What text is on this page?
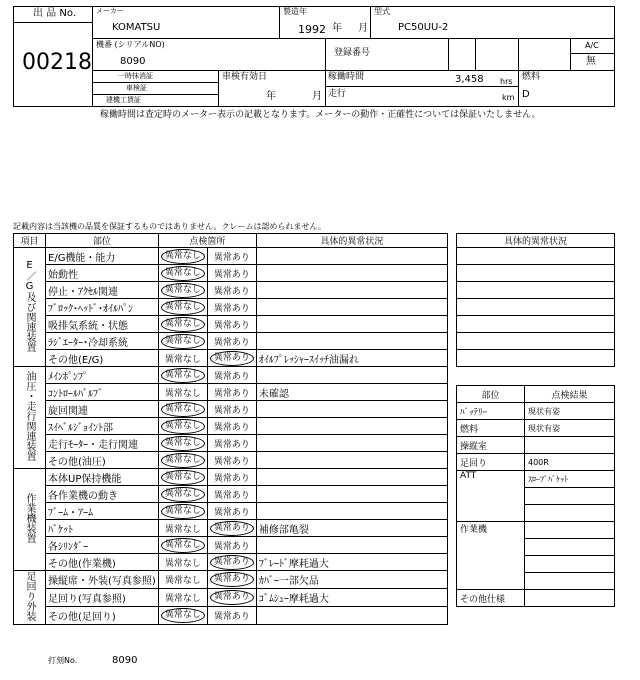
出 品 No.
00218
メーカー
KOMATSU
製造年
1992 年 月
型式
PC50UU-2
機番 (シリアルNO)
8090
登録番号
A/C
無
一時抹消証
車検証
建機工賃証
車検有効日
年	月
稼働時間	3,458 hrs
走行	km
燃料
D
稼働時間は査定時のメーター表示の記載となります。メーターの動作・正確性については保証いたしません。
記載内容は当該機の品質を保証するものではありません。クレームは認められません。
項目	部位	点検箇所		具体的異常状況
E／G及び関連装置	E/G機能・能力	異常なし	異常あり	
	始動性	異常なし	異常あり	
	停止・ｱｸｾﾙ関連	異常なし	異常あり	
	ﾌﾞﾛｯｸ･ﾍｯﾄﾞ･ｵｲﾙﾊﾟﾝ	異常なし	異常あり	
	吸排気系統・状態	異常なし	異常あり	
	ﾗｼﾞｴｰﾀｰ･冷却系統	異常なし	異常あり	
	その他(E/G)	異常なし	異常あり	ｵｲﾙﾌﾟﾚｯｼｬｰｽｲｯﾁ油漏れ
油圧・走行関連装置	ﾒｲﾝﾎﾟﾝﾌﾟ	異常なし	異常あり	
	ｺﾝﾄﾛｰﾙﾊﾞﾙﾌﾞ	異常なし	異常あり	未確認
	旋回関連	異常なし	異常あり	
	ｽｲﾍﾞﾙｼﾞｮｲﾝﾄ部	異常なし	異常あり	
	走行ﾓｰﾀｰ・走行関連	異常なし	異常あり	
	その他(油圧)	異常なし	異常あり	
作業機装置	本体UP保持機能	異常なし	異常あり	
	各作業機の動き	異常なし	異常あり	
	ﾌﾞｰﾑ・ｱｰﾑ	異常なし	異常あり	
	ﾊﾞｹｯﾄ	異常なし	異常あり	補修部亀裂
	各ｼﾘﾝﾀﾞｰ	異常なし	異常あり	
	その他(作業機)	異常なし	異常あり	ﾌﾞﾚｰﾄﾞ摩耗過大
足回り外装	操縦席・外装(写真参照)	異常なし	異常あり	ｶﾊﾞｰ一部欠品
	足回り(写真参照)	異常なし	異常あり	ｺﾞﾑｼｭｰ摩耗過大
	その他(足回り)	異常なし	異常あり	
具体的異常状況

部位	点検結果
ﾊﾞｯﾃﾘｰ	現状有姿
燃料	現状有姿
操縦室	
足回り	400R
ATT	ｽﾛｰﾌﾟﾊﾞｹｯﾄ

作業機	

その他仕様	
打刻No.	8090
